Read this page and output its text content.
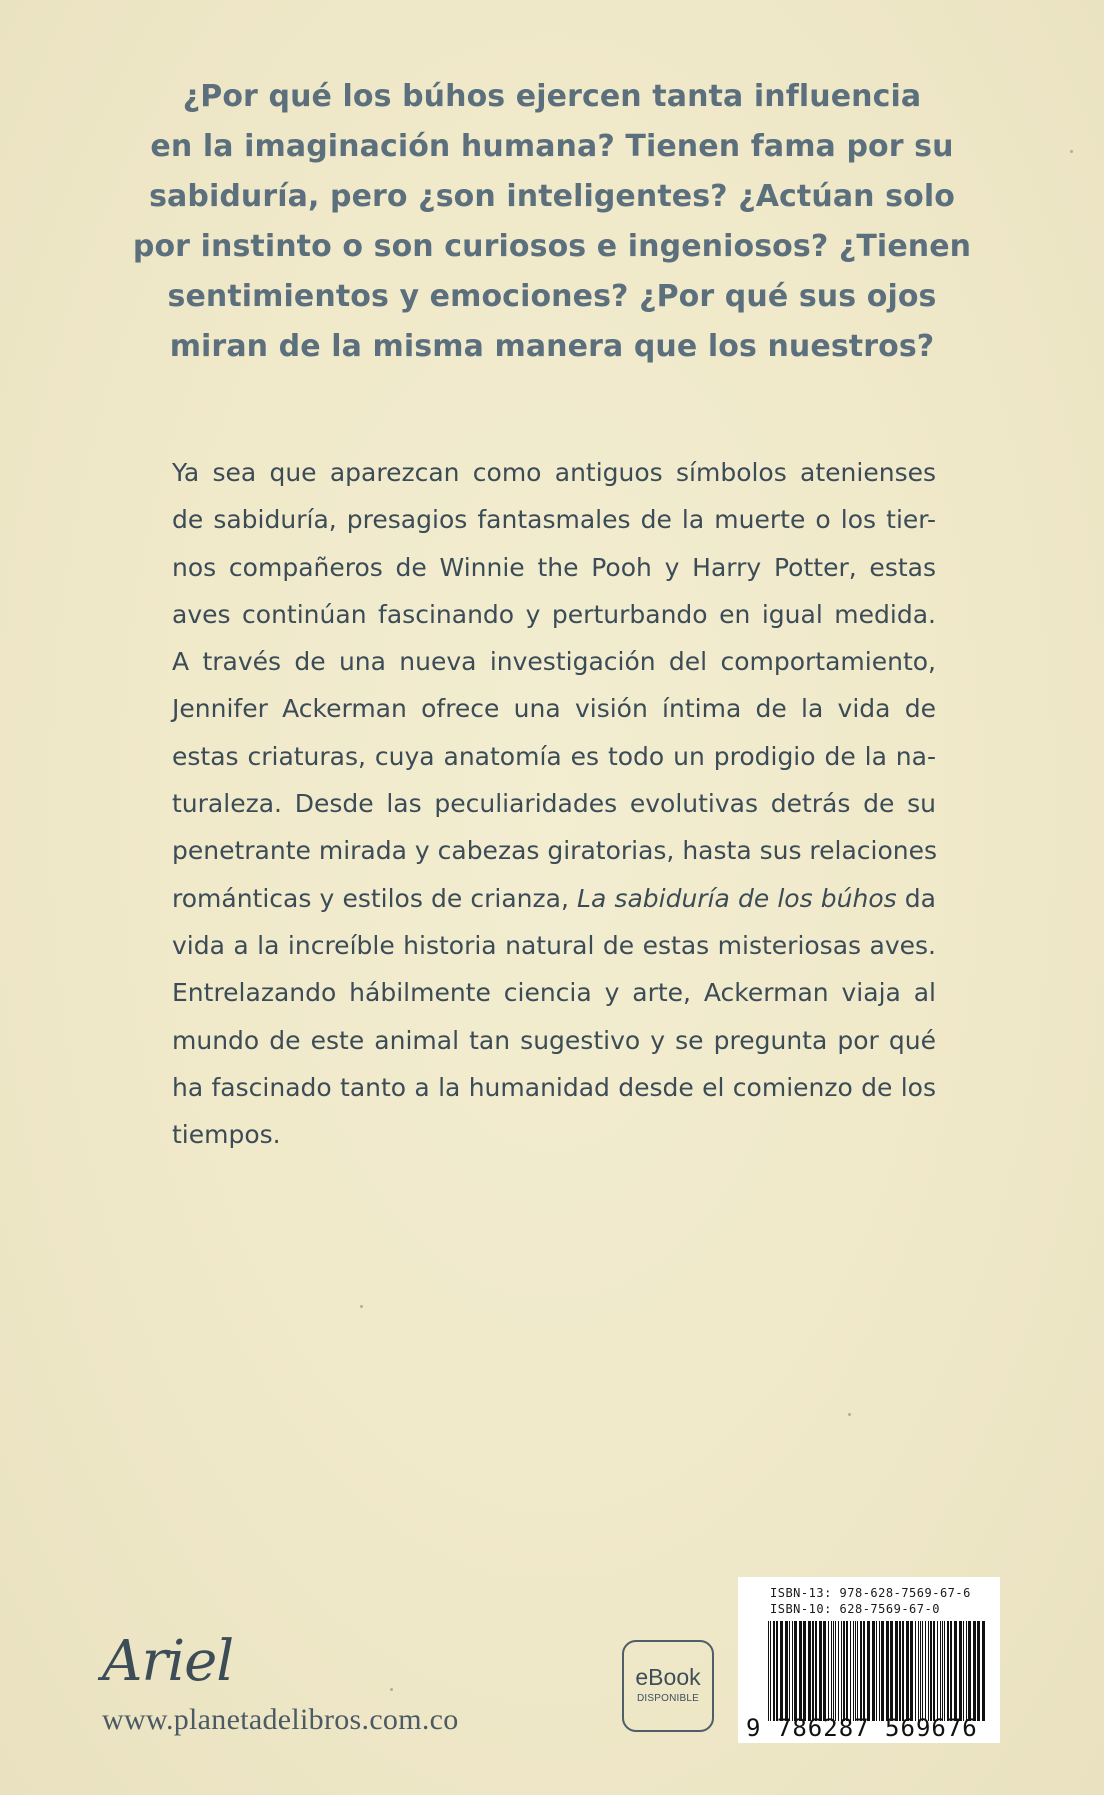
¿Por qué los búhos ejercen tanta influencia
en la imaginación humana? Tienen fama por su
sabiduría, pero ¿son inteligentes? ¿Actúan solo
por instinto o son curiosos e ingeniosos? ¿Tienen
sentimientos y emociones? ¿Por qué sus ojos
miran de la misma manera que los nuestros?

Ya sea que aparezcan como antiguos símbolos atenienses
de sabiduría, presagios fantasmales de la muerte o los tier-
nos compañeros de Winnie the Pooh y Harry Potter, estas
aves continúan fascinando y perturbando en igual medida.
A través de una nueva investigación del comportamiento,
Jennifer Ackerman ofrece una visión íntima de la vida de
estas criaturas, cuya anatomía es todo un prodigio de la na-
turaleza. Desde las peculiaridades evolutivas detrás de su
penetrante mirada y cabezas giratorias, hasta sus relaciones
románticas y estilos de crianza, La sabiduría de los búhos da
vida a la increíble historia natural de estas misteriosas aves.
Entrelazando hábilmente ciencia y arte, Ackerman viaja al
mundo de este animal tan sugestivo y se pregunta por qué
ha fascinado tanto a la humanidad desde el comienzo de los
tiempos.

Ariel
www.planetadelibros.com.co
eBook
DISPONIBLE
ISBN-13: 978-628-7569-67-6
ISBN-10: 628-7569-67-0
9 786287 569676
